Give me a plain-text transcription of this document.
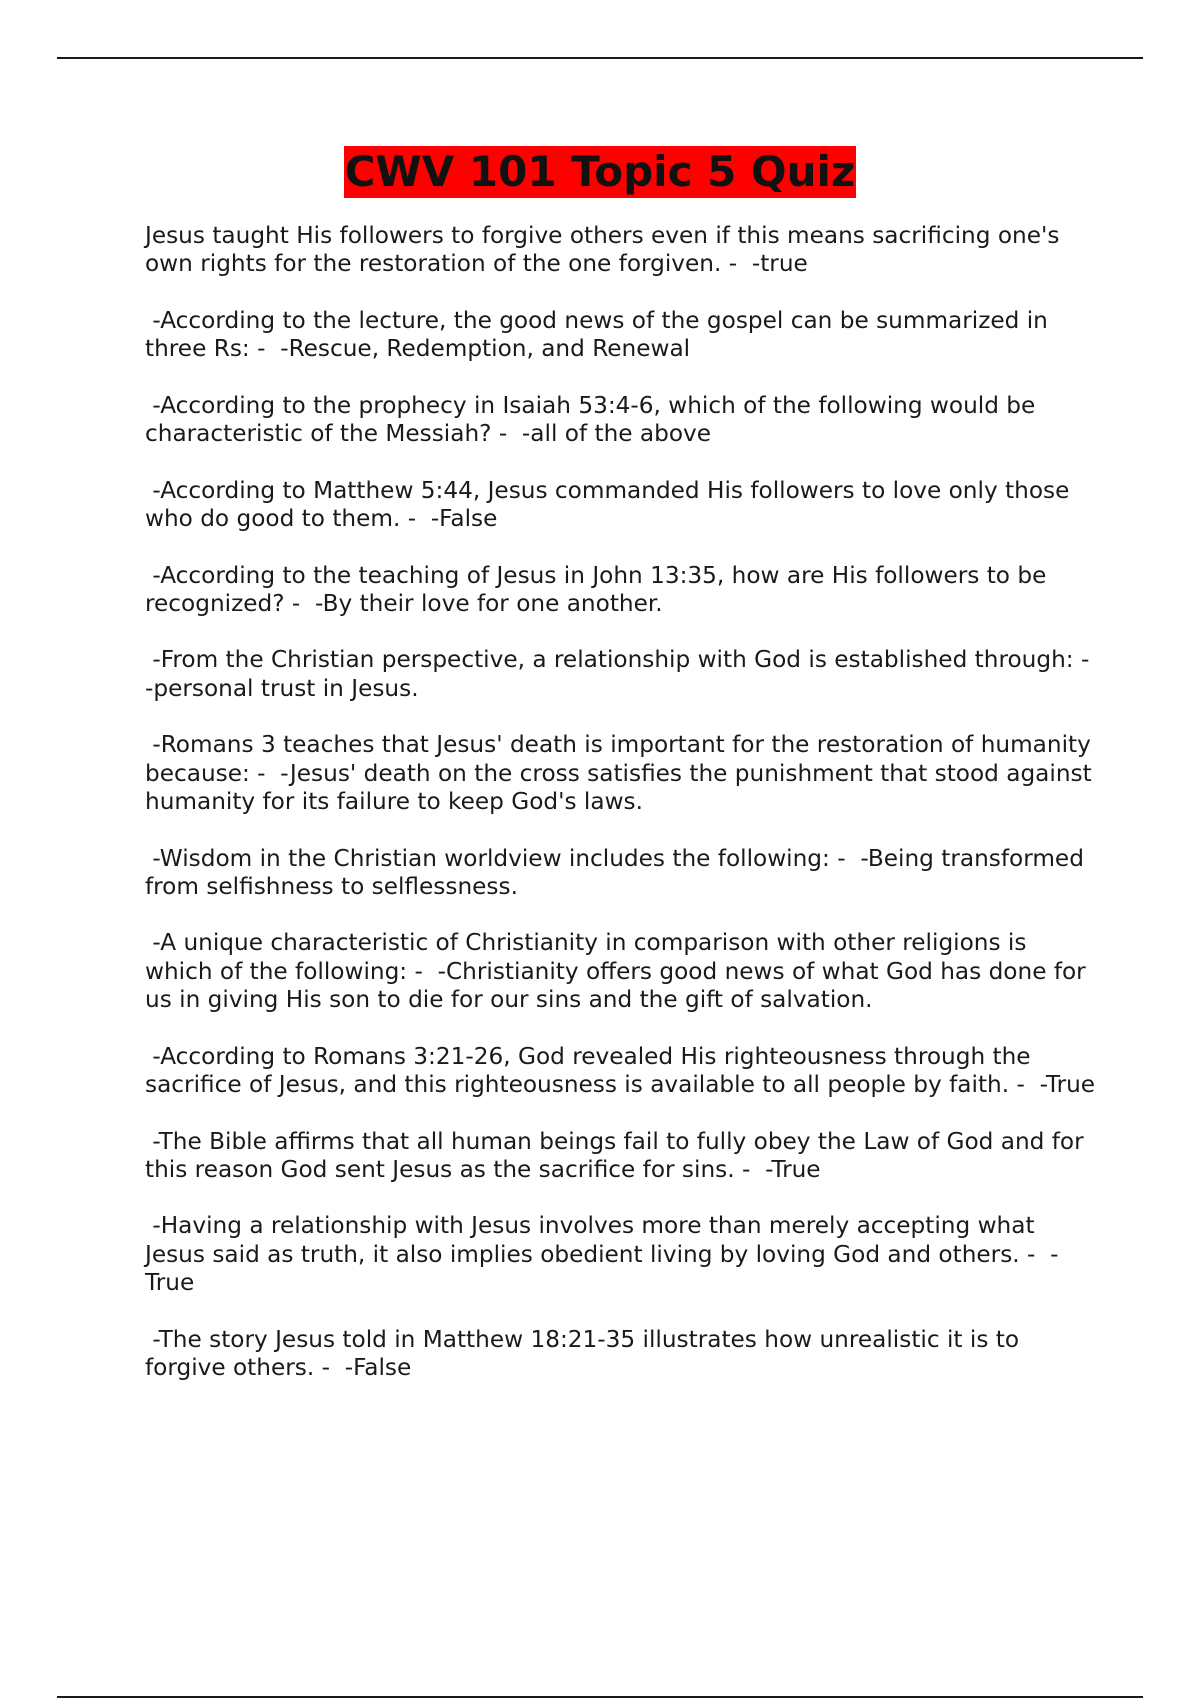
CWV 101 Topic 5 Quiz

Jesus taught His followers to forgive others even if this means sacrificing one's own rights for the restoration of the one forgiven. -  -true

-According to the lecture, the good news of the gospel can be summarized in three Rs: -  -Rescue, Redemption, and Renewal

-According to the prophecy in Isaiah 53:4-6, which of the following would be characteristic of the Messiah? -  -all of the above

-According to Matthew 5:44, Jesus commanded His followers to love only those who do good to them. -  -False

-According to the teaching of Jesus in John 13:35, how are His followers to be recognized? -  -By their love for one another.

-From the Christian perspective, a relationship with God is established through: -  -personal trust in Jesus.

-Romans 3 teaches that Jesus' death is important for the restoration of humanity because: -  -Jesus' death on the cross satisfies the punishment that stood against humanity for its failure to keep God's laws.

-Wisdom in the Christian worldview includes the following: -  -Being transformed from selfishness to selflessness.

-A unique characteristic of Christianity in comparison with other religions is which of the following: -  -Christianity offers good news of what God has done for us in giving His son to die for our sins and the gift of salvation.

-According to Romans 3:21-26, God revealed His righteousness through the sacrifice of Jesus, and this righteousness is available to all people by faith. -  -True

-The Bible affirms that all human beings fail to fully obey the Law of God and for this reason God sent Jesus as the sacrifice for sins. -  -True

-Having a relationship with Jesus involves more than merely accepting what Jesus said as truth, it also implies obedient living by loving God and others. -  -True

-The story Jesus told in Matthew 18:21-35 illustrates how unrealistic it is to forgive others. -  -False
